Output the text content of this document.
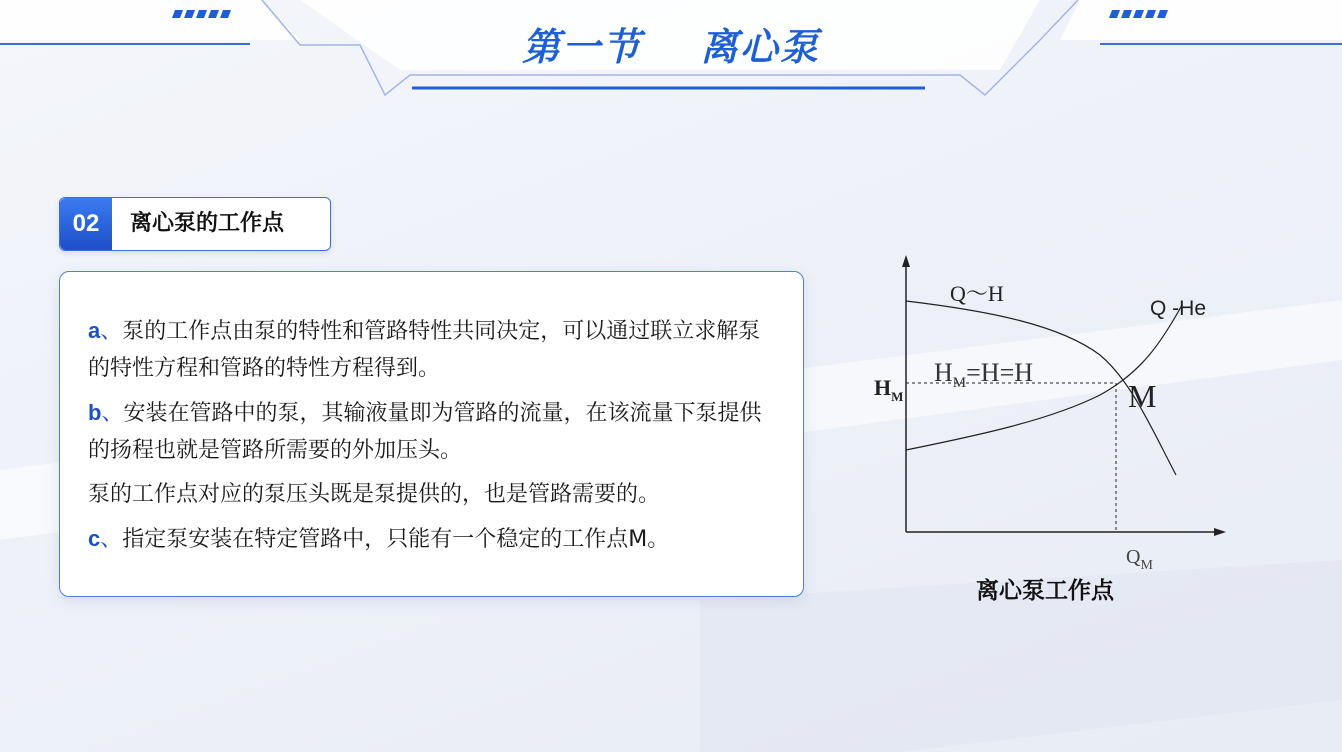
第一节 离心泵
02	离心泵的工作点

a、泵的工作点由泵的特性和管路特性共同决定，可以通过联立求解泵的特性方程和管路的特性方程得到。

b、安装在管路中的泵，其输液量即为管路的流量，在该流量下泵提供的扬程也就是管路所需要的外加压头。

泵的工作点对应的泵压头既是泵提供的，也是管路需要的。

c、指定泵安装在特定管路中，只能有一个稳定的工作点M。

Q～H
Q -He
$H_M=H=H$
M
$H_M$
$Q_M$
离心泵工作点
